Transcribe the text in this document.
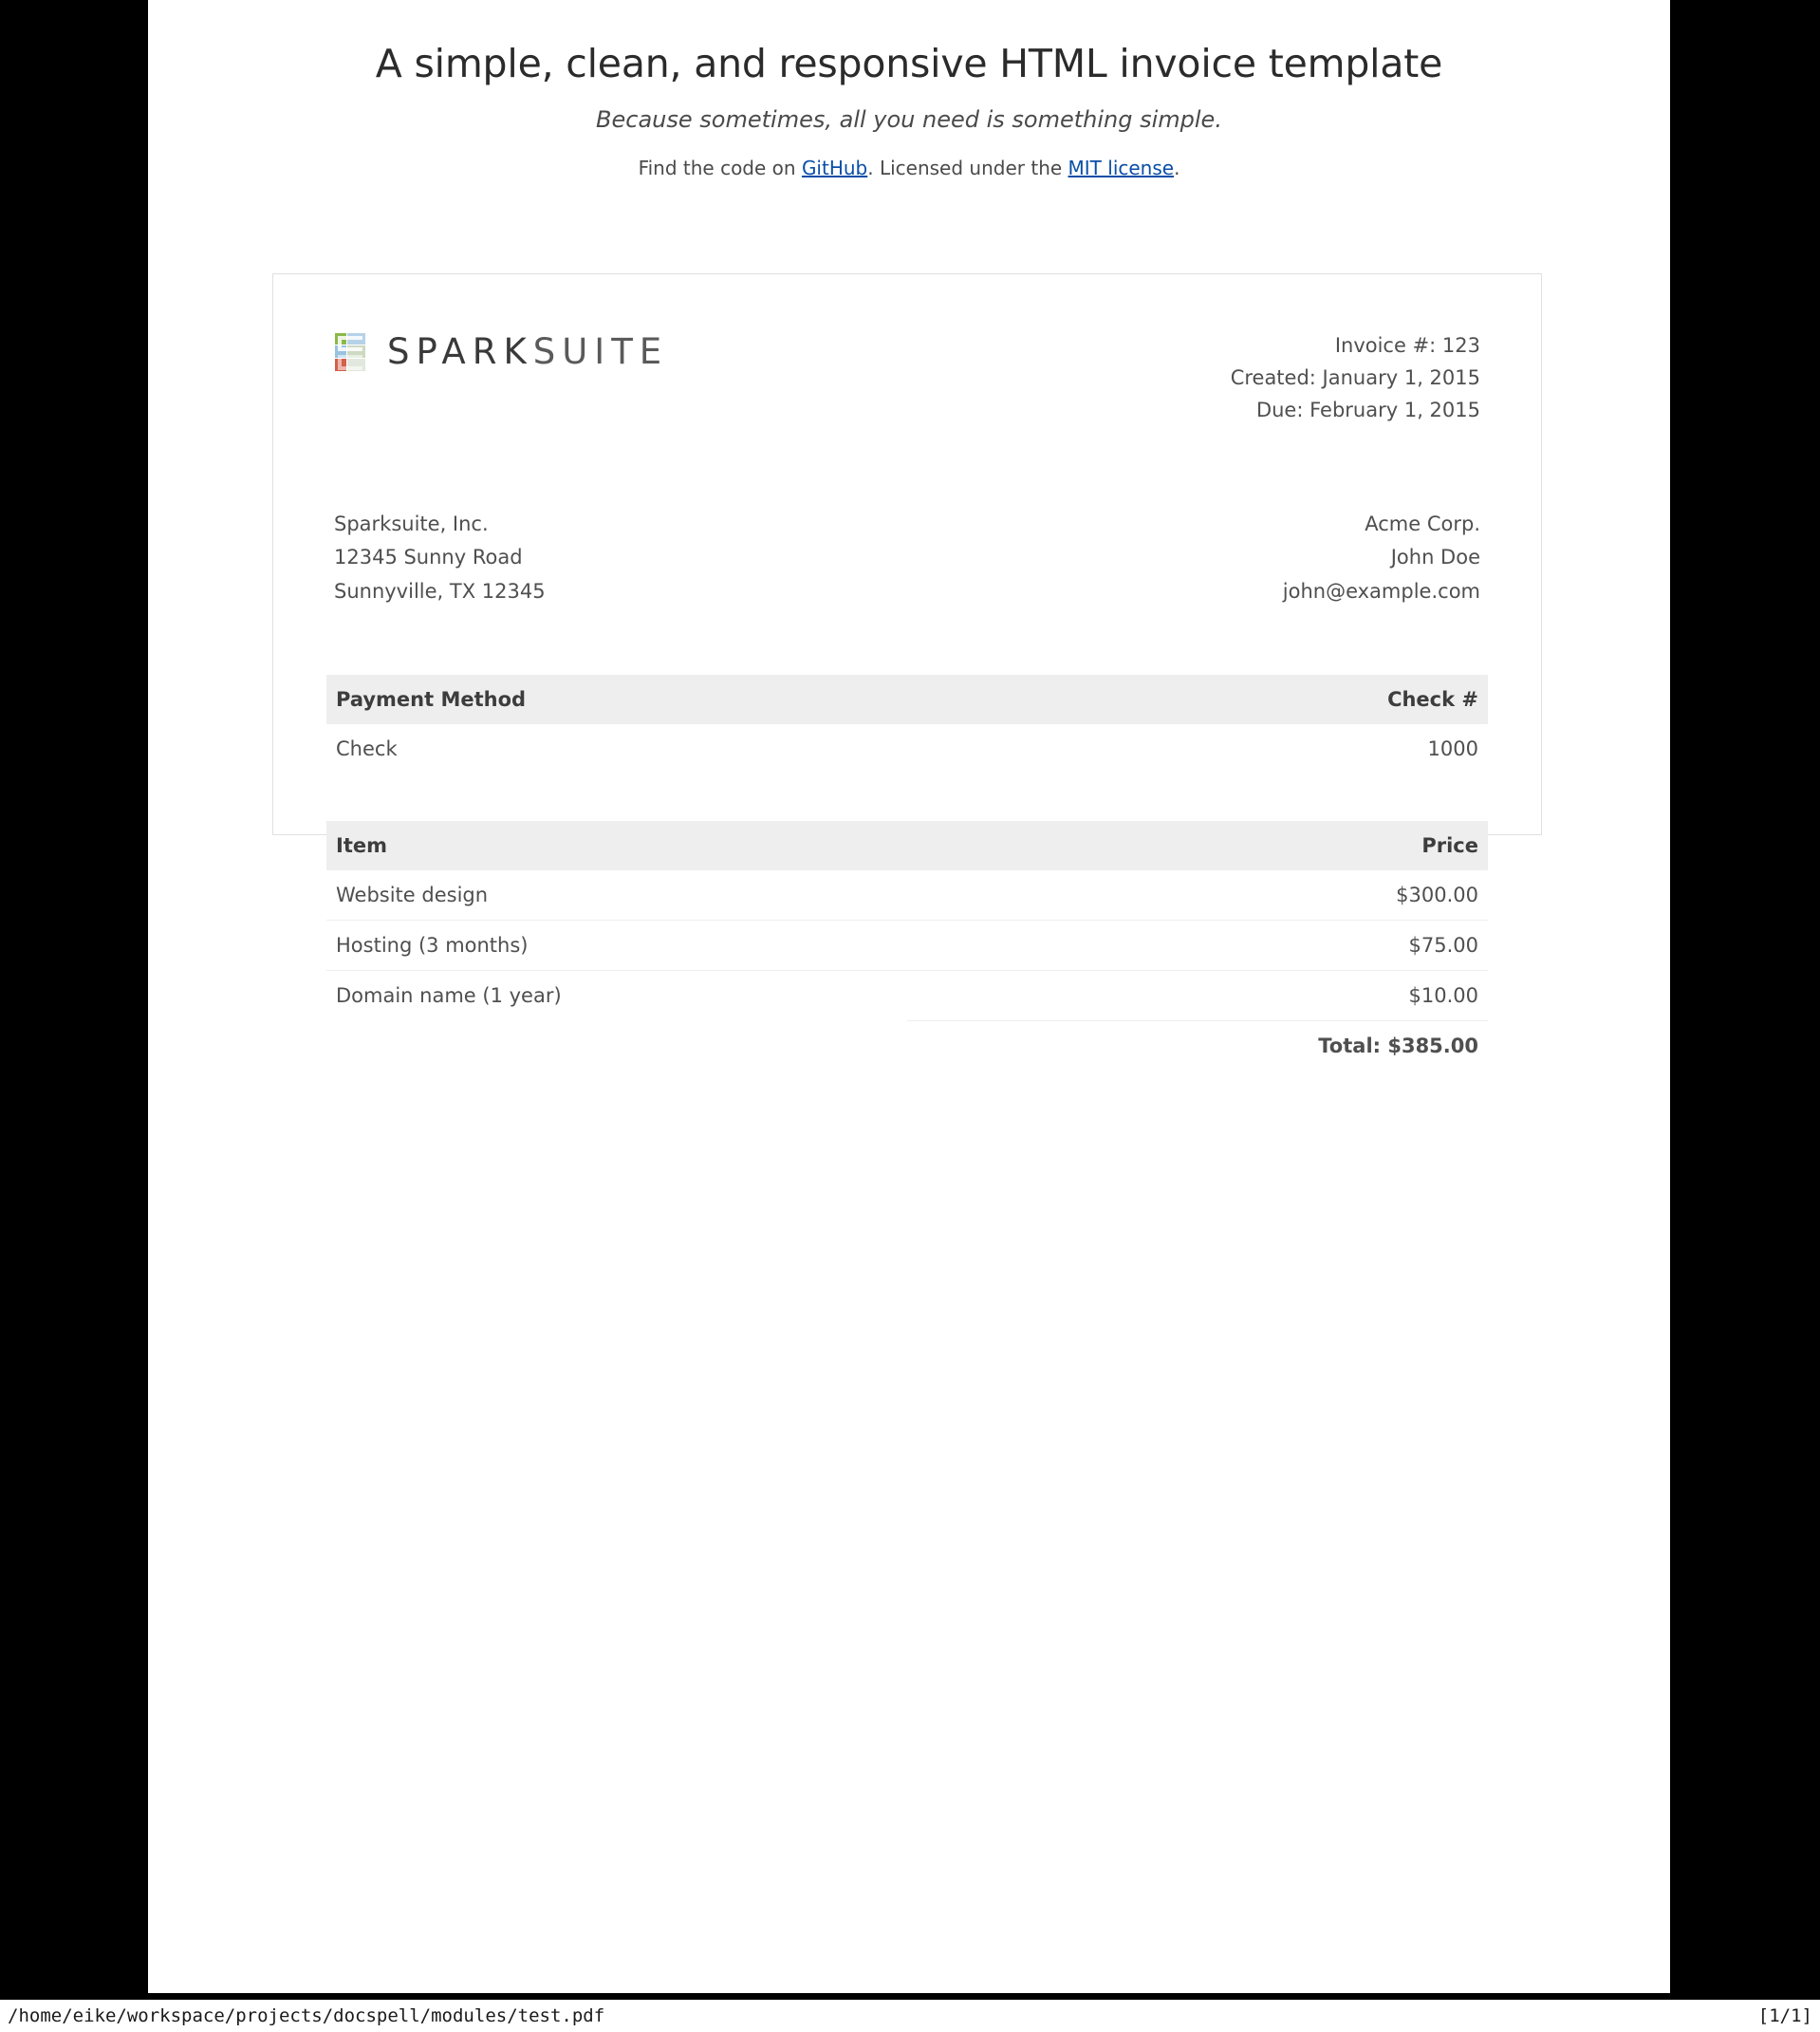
A simple, clean, and responsive HTML invoice template

Because sometimes, all you need is something simple.

Find the code on GitHub. Licensed under the MIT license.

SPARKSUITE	Invoice #: 123
Created: January 1, 2015
Due: February 1, 2015
Sparksuite, Inc.
12345 Sunny Road
Sunnyville, TX 12345
Acme Corp.
John Doe
john@example.com
Payment Method	Check #
Check	1000

Item	Price
Website design	$300.00
Hosting (3 months)	$75.00
Domain name (1 year)	$10.00
	Total: $385.00
/home/eike/workspace/projects/docspell/modules/test.pdf	[1/1]
